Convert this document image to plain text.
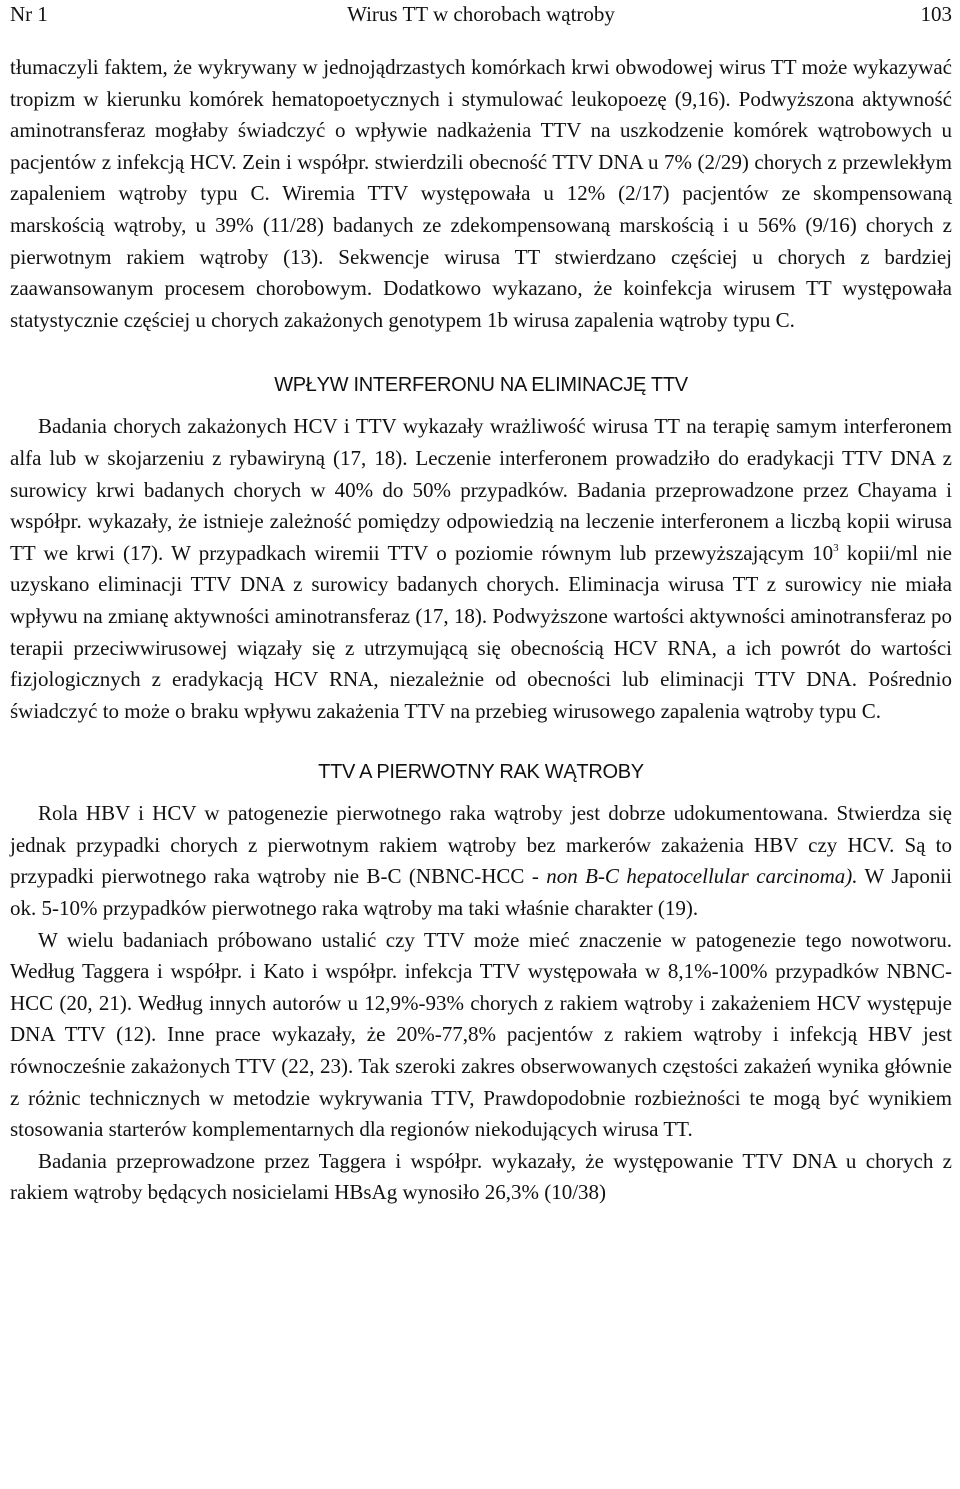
Nr 1	Wirus TT w chorobach wątroby	103

tłumaczyli faktem, że wykrywany w jednojądrzastych komórkach krwi obwodowej wirus TT może wykazywać tropizm w kierunku komórek hematopoetycznych i stymulować leukopoezę (9,16). Podwyższona aktywność aminotransferaz mogłaby świadczyć o wpływie nadkażenia TTV na uszkodzenie komórek wątrobowych u pacjentów z infekcją HCV. Zein i współpr. stwierdzili obecność TTV DNA u 7% (2/29) chorych z przewlekłym zapaleniem wątroby typu C. Wiremia TTV występowała u 12% (2/17) pacjentów ze skompensowaną marskością wątroby, u 39% (11/28) badanych ze zdekompensowaną marskością i u 56% (9/16) chorych z pierwotnym rakiem wątroby (13). Sekwencje wirusa TT stwierdzano częściej u chorych z bardziej zaawansowanym procesem chorobowym. Dodatkowo wykazano, że koinfekcja wirusem TT występowała statystycznie częściej u chorych zakażonych genotypem 1b wirusa zapalenia wątroby typu C.

WPŁYW INTERFERONU NA ELIMINACJĘ TTV

Badania chorych zakażonych HCV i TTV wykazały wrażliwość wirusa TT na terapię samym interferonem alfa lub w skojarzeniu z rybawiryną (17, 18). Leczenie interferonem prowadziło do eradykacji TTV DNA z surowicy krwi badanych chorych w 40% do 50% przypadków. Badania przeprowadzone przez Chayama i współpr. wykazały, że istnieje zależność pomiędzy odpowiedzią na leczenie interferonem a liczbą kopii wirusa TT we krwi (17). W przypadkach wiremii TTV o poziomie równym lub przewyższającym $10^3$ kopii/ml nie uzyskano eliminacji TTV DNA z surowicy badanych chorych. Eliminacja wirusa TT z surowicy nie miała wpływu na zmianę aktywności aminotransferaz (17, 18). Podwyższone wartości aktywności aminotransferaz po terapii przeciwwirusowej wiązały się z utrzymującą się obecnością HCV RNA, a ich powrót do wartości fizjologicznych z eradykacją HCV RNA, niezależnie od obecności lub eliminacji TTV DNA. Pośrednio świadczyć to może o braku wpływu zakażenia TTV na przebieg wirusowego zapalenia wątroby typu C.

TTV A PIERWOTNY RAK WĄTROBY

Rola HBV i HCV w patogenezie pierwotnego raka wątroby jest dobrze udokumentowana. Stwierdza się jednak przypadki chorych z pierwotnym rakiem wątroby bez markerów zakażenia HBV czy HCV. Są to przypadki pierwotnego raka wątroby nie B-C (NBNC-HCC - non B-C hepatocellular carcinoma). W Japonii ok. 5-10% przypadków pierwotnego raka wątroby ma taki właśnie charakter (19).

W wielu badaniach próbowano ustalić czy TTV może mieć znaczenie w patogenezie tego nowotworu. Według Taggera i współpr. i Kato i współpr. infekcja TTV występowała w 8,1%-100% przypadków NBNC-HCC (20, 21). Według innych autorów u 12,9%-93% chorych z rakiem wątroby i zakażeniem HCV występuje DNA TTV (12). Inne prace wykazały, że 20%-77,8% pacjentów z rakiem wątroby i infekcją HBV jest równocześnie zakażonych TTV (22, 23). Tak szeroki zakres obserwowanych częstości zakażeń wynika głównie z różnic technicznych w metodzie wykrywania TTV, Prawdopodobnie rozbieżności te mogą być wynikiem stosowania starterów komplementarnych dla regionów niekodujących wirusa TT.

Badania przeprowadzone przez Taggera i współpr. wykazały, że występowanie TTV DNA u chorych z rakiem wątroby będących nosicielami HBsAg wynosiło 26,3% (10/38)
